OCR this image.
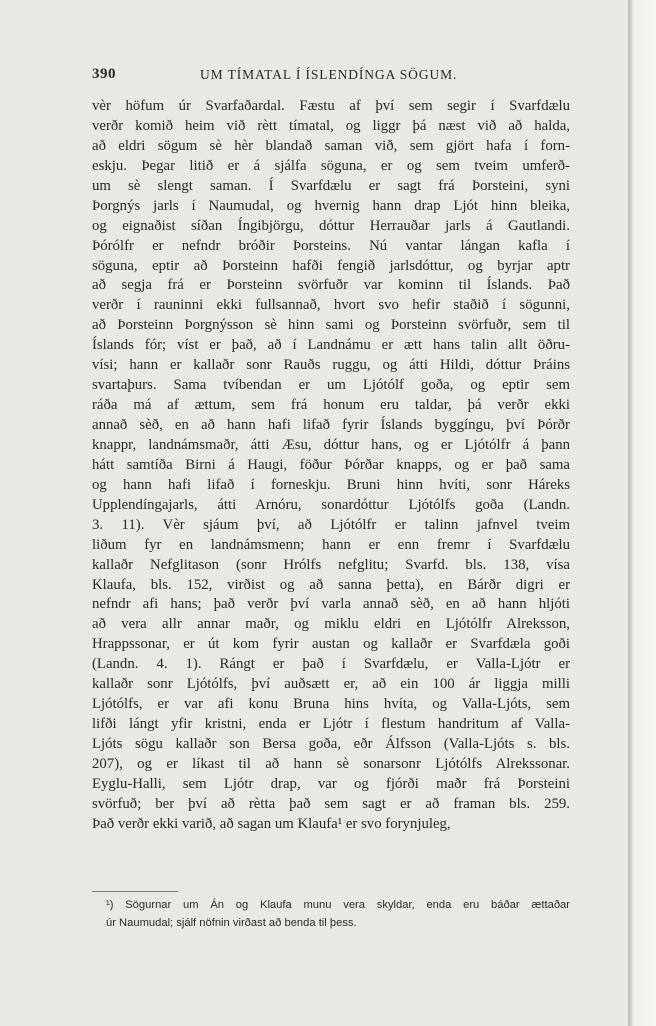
390	UM TÍMATAL Í ÍSLENDÍNGA SÖGUM.
vèr höfum úr Svarfaðardal. Fæstu af því sem segir í Svarfdælu
verðr komið heim við rètt tímatal, og liggr þá næst við að halda,
að eldri sögum sè hèr blandað saman við, sem gjört hafa í forn-
eskju. Þegar litið er á sjálfa söguna, er og sem tveim umferð-
um sè slengt saman. Í Svarfdælu er sagt frá Þorsteini, syni
Þorgnýs jarls í Naumudal, og hvernig hann drap Ljót hinn bleika,
og eignaðist síðan Íngibjörgu, dóttur Herrauðar jarls á Gautlandi.
Þórólfr er nefndr bróðir Þorsteins. Nú vantar lángan kafla í
söguna, eptir að Þorsteinn hafði fengið jarlsdóttur, og byrjar aptr
að segja frá er Þorsteinn svörfuðr var kominn til Íslands. Það
verðr í rauninni ekki fullsannað, hvort svo hefir staðið í sögunni,
að Þorsteinn Þorgnýsson sè hinn sami og Þorsteinn svörfuðr, sem til
Íslands fór; víst er það, að í Landnámu er ætt hans talin allt öðru-
vísi; hann er kallaðr sonr Rauðs ruggu, og átti Hildi, dóttur Þráins
svartaþurs. Sama tvíbendan er um Ljótólf goða, og eptir sem
ráða má af ættum, sem frá honum eru taldar, þá verðr ekki
annað sèð, en að hann hafi lifað fyrir Íslands byggíngu, því Þórðr
knappr, landnámsmaðr, átti Æsu, dóttur hans, og er Ljótólfr á þann
hátt samtíða Birni á Haugi, föður Þórðar knapps, og er það sama
og hann hafi lifað í forneskju. Bruni hinn hvíti, sonr Háreks
Upplendíngajarls, átti Arnóru, sonardóttur Ljótólfs goða (Landn.
3. 11). Vèr sjáum því, að Ljótólfr er talinn jafnvel tveim
liðum fyr en landnámsmenn; hann er enn fremr í Svarfdælu
kallaðr Nefglitason (sonr Hrólfs nefglitu; Svarfd. bls. 138, vísa
Klaufa, bls. 152, virðist og að sanna þetta), en Bárðr digri er
nefndr afi hans; það verðr því varla annað sèð, en að hann hljóti
að vera allr annar maðr, og miklu eldri en Ljótólfr Alreksson,
Hrappssonar, er út kom fyrir austan og kallaðr er Svarfdæla goði
(Landn. 4. 1). Rángt er það í Svarfdælu, er Valla-Ljótr er
kallaðr sonr Ljótólfs, því auðsætt er, að ein 100 ár liggja milli
Ljótólfs, er var afi konu Bruna hins hvíta, og Valla-Ljóts, sem
lifði lángt yfir kristni, enda er Ljótr í flestum handritum af Valla-
Ljóts sögu kallaðr son Bersa goða, eðr Álfsson (Valla-Ljóts s. bls.
207), og er líkast til að hann sè sonarsonr Ljótólfs Alrekssonar.
Eyglu-Halli, sem Ljótr drap, var og fjórði maðr frá Þorsteini
svörfuð; ber því að rètta það sem sagt er að framan bls. 259.
Það verðr ekki varið, að sagan um Klaufa¹ er svo forynjuleg,
¹) Sögurnar um Án og Klaufa munu vera skyldar, enda eru báðar ættaðar
úr Naumudal; sjálf nöfnin virðast að benda til þess.
